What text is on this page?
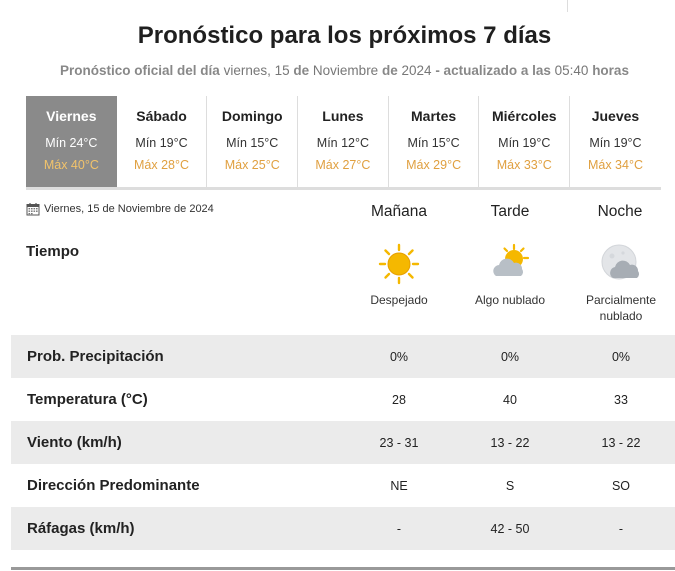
Pronóstico para los próximos 7 días
Pronóstico oficial del día viernes, 15 de Noviembre de 2024 - actualizado a las 05:40 horas
Viernes
Mín 24°C
Máx 40°C
Sábado
Mín 19°C
Máx 28°C
Domingo
Mín 15°C
Máx 25°C
Lunes
Mín 12°C
Máx 27°C
Martes
Mín 15°C
Máx 29°C
Miércoles
Mín 19°C
Máx 33°C
Jueves
Mín 19°C
Máx 34°C
Viernes, 15 de Noviembre de 2024	Mañana	Tarde	Noche
Tiempo
Despejado	Algo nublado	Parcialmente
nublado
Prob. Precipitación	0%	0%	0%
Temperatura (°C)	28	40	33
Viento (km/h)	23 - 31	13 - 22	13 - 22
Dirección Predominante	NE	S	SO
Ráfagas (km/h)	-	42 - 50	-
